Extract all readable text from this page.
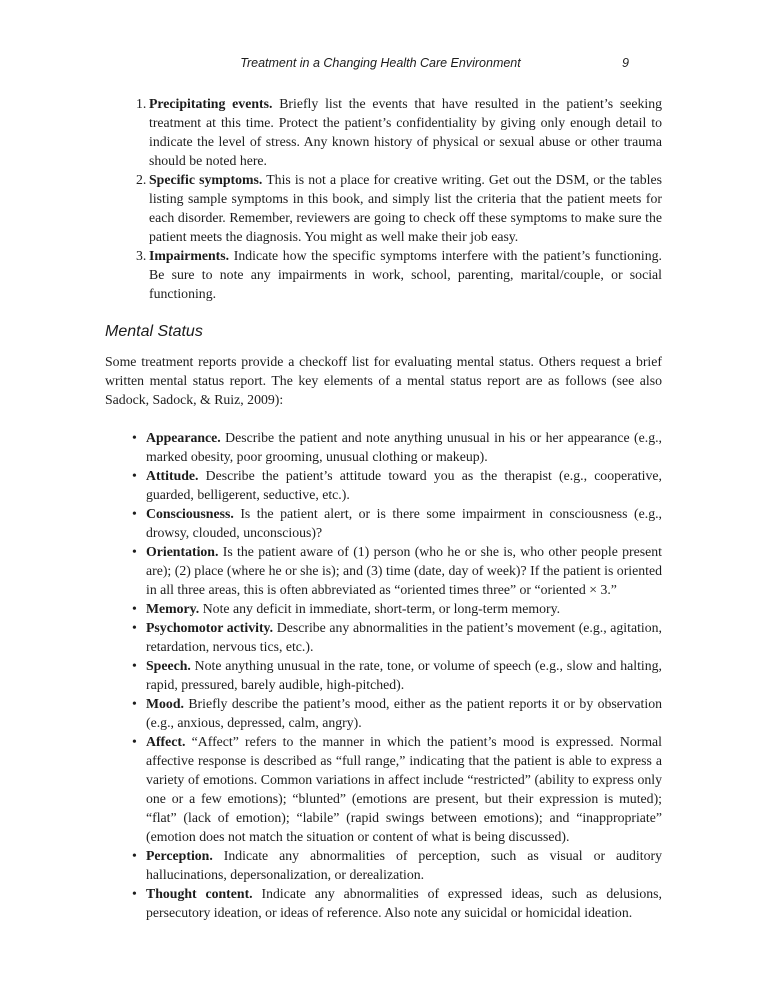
Treatment in a Changing Health Care Environment	9
1. Precipitating events. Briefly list the events that have resulted in the patient’s seeking treatment at this time. Protect the patient’s confidentiality by giving only enough detail to indicate the level of stress. Any known history of physical or sexual abuse or other trauma should be noted here.
2. Specific symptoms. This is not a place for creative writing. Get out the DSM, or the tables listing sample symptoms in this book, and simply list the criteria that the patient meets for each disorder. Remember, reviewers are going to check off these symptoms to make sure the patient meets the diagnosis. You might as well make their job easy.
3. Impairments. Indicate how the specific symptoms interfere with the patient’s functioning. Be sure to note any impairments in work, school, parenting, marital/couple, or social functioning.
Mental Status

Some treatment reports provide a checkoff list for evaluating mental status. Others request a brief written mental status report. The key elements of a mental status report are as follows (see also Sadock, Sadock, & Ruiz, 2009):

• Appearance. Describe the patient and note anything unusual in his or her appearance (e.g., marked obesity, poor grooming, unusual clothing or makeup).
• Attitude. Describe the patient’s attitude toward you as the therapist (e.g., cooperative, guarded, belligerent, seductive, etc.).
• Consciousness. Is the patient alert, or is there some impairment in consciousness (e.g., drowsy, clouded, unconscious)?
• Orientation. Is the patient aware of (1) person (who he or she is, who other people present are); (2) place (where he or she is); and (3) time (date, day of week)? If the patient is oriented in all three areas, this is often abbreviated as “oriented times three” or “oriented × 3.”
• Memory. Note any deficit in immediate, short-term, or long-term memory.
• Psychomotor activity. Describe any abnormalities in the patient’s movement (e.g., agitation, retardation, nervous tics, etc.).
• Speech. Note anything unusual in the rate, tone, or volume of speech (e.g., slow and halting, rapid, pressured, barely audible, high-pitched).
• Mood. Briefly describe the patient’s mood, either as the patient reports it or by observation (e.g., anxious, depressed, calm, angry).
• Affect. “Affect” refers to the manner in which the patient’s mood is expressed. Normal affective response is described as “full range,” indicating that the patient is able to express a variety of emotions. Common variations in affect include “restricted” (ability to express only one or a few emotions); “blunted” (emotions are present, but their expression is muted); “flat” (lack of emotion); “labile” (rapid swings between emotions); and “inappropriate” (emotion does not match the situation or content of what is being discussed).
• Perception. Indicate any abnormalities of perception, such as visual or auditory hallucinations, depersonalization, or derealization.
• Thought content. Indicate any abnormalities of expressed ideas, such as delusions, persecutory ideation, or ideas of reference. Also note any suicidal or homicidal ideation.
